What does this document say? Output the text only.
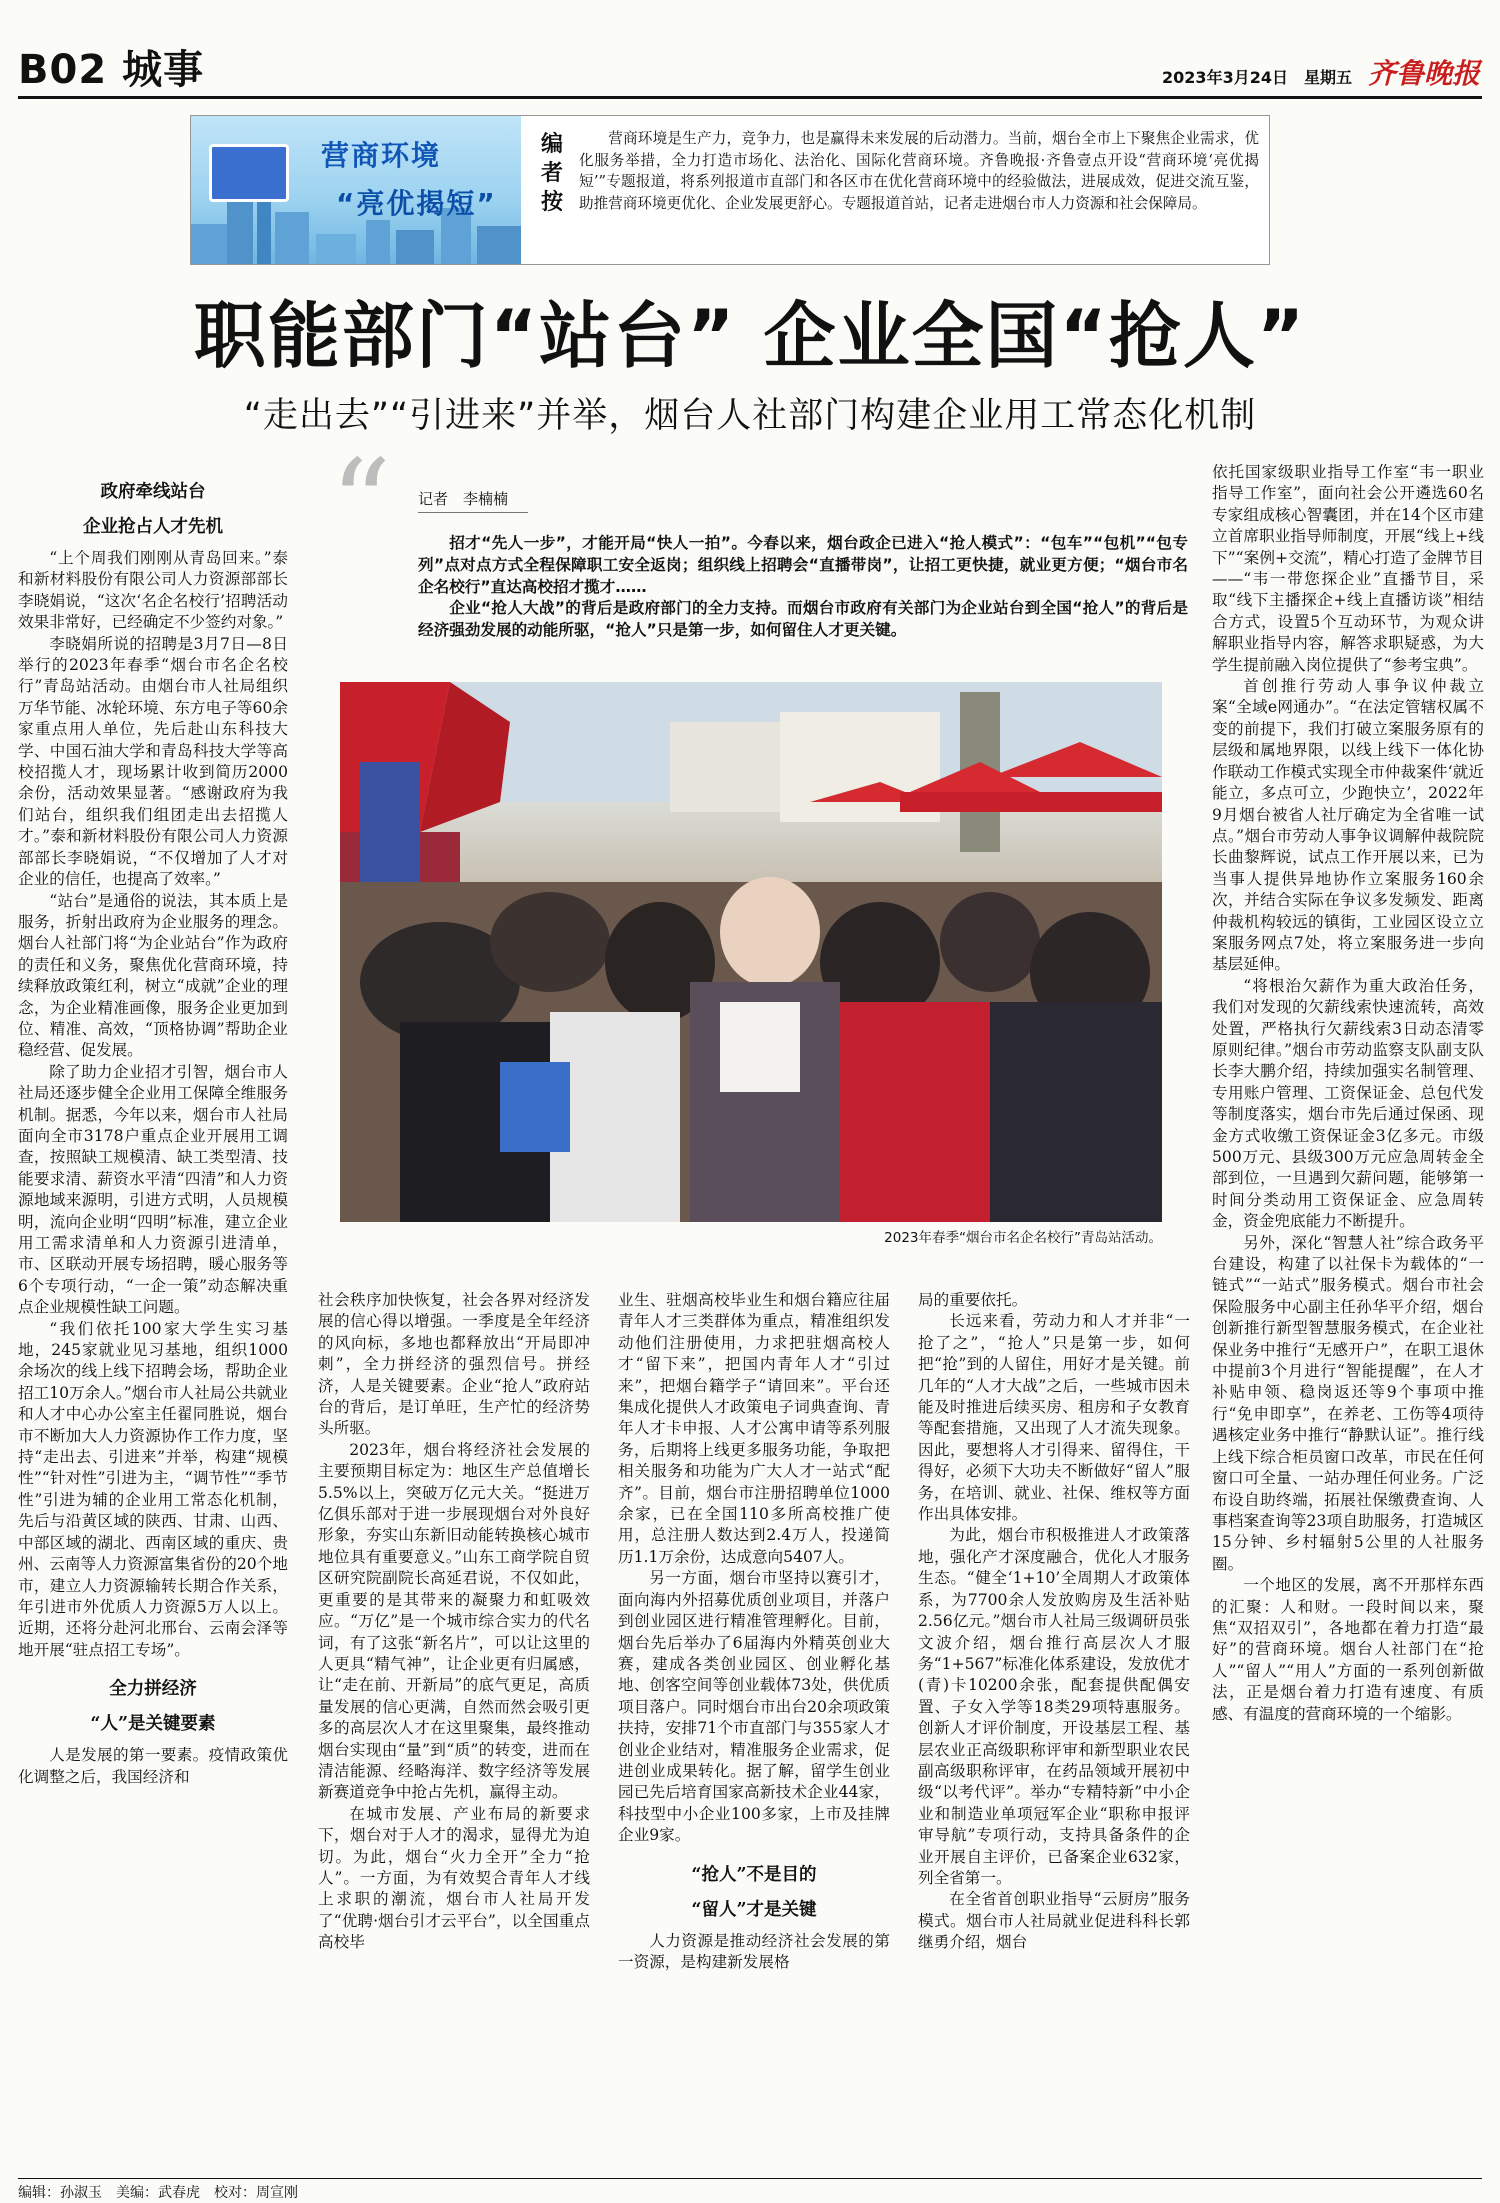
B02 城事	2023年3月24日 星期五 齐鲁晚报
营商环境
“亮优揭短”
编者按
营商环境是生产力，竞争力，也是赢得未来发展的后动潜力。当前，烟台全市上下聚焦企业需求，优化服务举措，全力打造市场化、法治化、国际化营商环境。齐鲁晚报·齐鲁壹点开设“营商环境‘亮优揭短’”专题报道，将系列报道市直部门和各区市在优化营商环境中的经验做法，进展成效，促进交流互鉴，助推营商环境更优化、企业发展更舒心。专题报道首站，记者走进烟台市人力资源和社会保障局。
职能部门“站台” 企业全国“抢人”
“走出去”“引进来”并举，烟台人社部门构建企业用工常态化机制
政府牵线站台
企业抢占人才先机

“上个周我们刚刚从青岛回来。”泰和新材料股份有限公司人力资源部部长李晓娟说，“这次‘名企名校行’招聘活动效果非常好，已经确定不少签约对象。”

李晓娟所说的招聘是3月7日—8日举行的2023年春季“烟台市名企名校行”青岛站活动。由烟台市人社局组织万华节能、冰轮环境、东方电子等60余家重点用人单位，先后赴山东科技大学、中国石油大学和青岛科技大学等高校招揽人才，现场累计收到简历2000余份，活动效果显著。“感谢政府为我们站台，组织我们组团走出去招揽人才。”泰和新材料股份有限公司人力资源部部长李晓娟说，“不仅增加了人才对企业的信任，也提高了效率。”

“站台”是通俗的说法，其本质上是服务，折射出政府为企业服务的理念。烟台人社部门将“为企业站台”作为政府的责任和义务，聚焦优化营商环境，持续释放政策红利，树立“成就”企业的理念，为企业精准画像，服务企业更加到位、精准、高效，“顶格协调”帮助企业稳经营、促发展。

除了助力企业招才引智，烟台市人社局还逐步健全企业用工保障全维服务机制。据悉，今年以来，烟台市人社局面向全市3178户重点企业开展用工调查，按照缺工规模清、缺工类型清、技能要求清、薪资水平清“四清”和人力资源地域来源明，引进方式明，人员规模明，流向企业明“四明”标准，建立企业用工需求清单和人力资源引进清单，市、区联动开展专场招聘，暖心服务等6个专项行动，“一企一策”动态解决重点企业规模性缺工问题。

“我们依托100家大学生实习基地，245家就业见习基地，组织1000余场次的线上线下招聘会场，帮助企业招工10万余人。”烟台市人社局公共就业和人才中心办公室主任翟同胜说，烟台市不断加大人力资源协作工作力度，坚持“走出去、引进来”并举，构建“规模性”“针对性”引进为主，“调节性”“季节性”引进为辅的企业用工常态化机制，先后与沿黄区域的陕西、甘肃、山西、中部区域的湖北、西南区域的重庆、贵州、云南等人力资源富集省份的20个地市，建立人力资源输转长期合作关系，年引进市外优质人力资源5万人以上。近期，还将分赴河北邢台、云南会泽等地开展“驻点招工专场”。

全力拼经济
“人”是关键要素

人是发展的第一要素。疫情政策优化调整之后，我国经济和

“ 记者　李楠楠

招才“先人一步”，才能开局“快人一拍”。今春以来，烟台政企已进入“抢人模式”：“包车”“包机”“包专列”点对点方式全程保障职工安全返岗；组织线上招聘会“直播带岗”，让招工更快捷，就业更方便；“烟台市名企名校行”直达高校招才揽才……

企业“抢人大战”的背后是政府部门的全力支持。而烟台市政府有关部门为企业站台到全国“抢人”的背后是经济强劲发展的动能所驱，“抢人”只是第一步，如何留住人才更关键。

2023年春季“烟台市名企名校行”青岛站活动。

社会秩序加快恢复，社会各界对经济发展的信心得以增强。一季度是全年经济的风向标，多地也都释放出“开局即冲刺”，全力拼经济的强烈信号。拼经济，人是关键要素。企业“抢人”政府站台的背后，是订单旺，生产忙的经济势头所驱。

2023年，烟台将经济社会发展的主要预期目标定为：地区生产总值增长5.5%以上，突破万亿元大关。“挺进万亿俱乐部对于进一步展现烟台对外良好形象，夯实山东新旧动能转换核心城市地位具有重要意义。”山东工商学院自贸区研究院副院长高延君说，不仅如此，更重要的是其带来的凝聚力和虹吸效应。“万亿”是一个城市综合实力的代名词，有了这张“新名片”，可以让这里的人更具“精气神”，让企业更有归属感，让“走在前、开新局”的底气更足，高质量发展的信心更满，自然而然会吸引更多的高层次人才在这里聚集，最终推动烟台实现由“量”到“质”的转变，进而在清洁能源、经略海洋、数字经济等发展新赛道竞争中抢占先机，赢得主动。

在城市发展、产业布局的新要求下，烟台对于人才的渴求，显得尤为迫切。为此，烟台“火力全开”全力“抢人”。一方面，为有效契合青年人才线上求职的潮流，烟台市人社局开发了“优聘·烟台引才云平台”，以全国重点高校毕

业生、驻烟高校毕业生和烟台籍应往届青年人才三类群体为重点，精准组织发动他们注册使用，力求把驻烟高校人才“留下来”，把国内青年人才“引过来”，把烟台籍学子“请回来”。平台还集成化提供人才政策电子词典查询、青年人才卡申报、人才公寓申请等系列服务，后期将上线更多服务功能，争取把相关服务和功能为广大人才一站式“配齐”。目前，烟台市注册招聘单位1000余家，已在全国110多所高校推广使用，总注册人数达到2.4万人，投递简历1.1万余份，达成意向5407人。

另一方面，烟台市坚持以赛引才，面向海内外招募优质创业项目，并落户到创业园区进行精准管理孵化。目前，烟台先后举办了6届海内外精英创业大赛，建成各类创业园区、创业孵化基地、创客空间等创业载体73处，供优质项目落户。同时烟台市出台20余项政策扶持，安排71个市直部门与355家人才创业企业结对，精准服务企业需求，促进创业成果转化。据了解，留学生创业园已先后培育国家高新技术企业44家，科技型中小企业100多家，上市及挂牌企业9家。

“抢人”不是目的
“留人”才是关键

人力资源是推动经济社会发展的第一资源，是构建新发展格

局的重要依托。

长远来看，劳动力和人才并非“一抢了之”，“抢人”只是第一步，如何把“抢”到的人留住，用好才是关键。前几年的“人才大战”之后，一些城市因未能及时推进后续买房、租房和子女教育等配套措施，又出现了人才流失现象。因此，要想将人才引得来、留得住，干得好，必须下大功夫不断做好“留人”服务，在培训、就业、社保、维权等方面作出具体安排。

为此，烟台市积极推进人才政策落地，强化产才深度融合，优化人才服务生态。“健全‘1+10’全周期人才政策体系，为7700余人发放购房及生活补贴2.56亿元。”烟台市人社局三级调研员张文波介绍，烟台推行高层次人才服务“1+567”标准化体系建设，发放优才(青)卡10200余张，配套提供配偶安置、子女入学等18类29项特惠服务。创新人才评价制度，开设基层工程、基层农业正高级职称评审和新型职业农民副高级职称评审，在药品领域开展初中级“以考代评”。举办“专精特新”中小企业和制造业单项冠军企业“职称申报评审导航”专项行动，支持具备条件的企业开展自主评价，已备案企业632家，列全省第一。

在全省首创职业指导“云厨房”服务模式。烟台市人社局就业促进科科长郭继勇介绍，烟台

依托国家级职业指导工作室“韦一职业指导工作室”，面向社会公开遴选60名专家组成核心智囊团，并在14个区市建立首席职业指导师制度，开展“线上+线下”“案例+交流”，精心打造了金牌节目——“韦一带您探企业”直播节目，采取“线下主播探企+线上直播访谈”相结合方式，设置5个互动环节，为观众讲解职业指导内容，解答求职疑惑，为大学生提前融入岗位提供了“参考宝典”。

首创推行劳动人事争议仲裁立案“全域e网通办”。“在法定管辖权属不变的前提下，我们打破立案服务原有的层级和属地界限，以线上线下一体化协作联动工作模式实现全市仲裁案件‘就近能立，多点可立，少跑快立’，2022年9月烟台被省人社厅确定为全省唯一试点。”烟台市劳动人事争议调解仲裁院院长曲黎辉说，试点工作开展以来，已为当事人提供异地协作立案服务160余次，并结合实际在争议多发频发、距离仲裁机构较远的镇街，工业园区设立立案服务网点7处，将立案服务进一步向基层延伸。

“将根治欠薪作为重大政治任务，我们对发现的欠薪线索快速流转，高效处置，严格执行欠薪线索3日动态清零原则纪律。”烟台市劳动监察支队副支队长李大鹏介绍，持续加强实名制管理、专用账户管理、工资保证金、总包代发等制度落实，烟台市先后通过保函、现金方式收缴工资保证金3亿多元。市级500万元、县级300万元应急周转金全部到位，一旦遇到欠薪问题，能够第一时间分类动用工资保证金、应急周转金，资金兜底能力不断提升。

另外，深化“智慧人社”综合政务平台建设，构建了以社保卡为载体的“一链式”“一站式”服务模式。烟台市社会保险服务中心副主任孙华平介绍，烟台创新推行新型智慧服务模式，在企业社保业务中推行“无感开户”，在职工退休中提前3个月进行“智能提醒”，在人才补贴申领、稳岗返还等9个事项中推行“免申即享”，在养老、工伤等4项待遇核定业务中推行“静默认证”。推行线上线下综合柜员窗口改革，市民在任何窗口可全量、一站办理任何业务。广泛布设自助终端，拓展社保缴费查询、人事档案查询等23项自助服务，打造城区15分钟、乡村辐射5公里的人社服务圈。

一个地区的发展，离不开那样东西的汇聚：人和财。一段时间以来，聚焦“双招双引”，各地都在着力打造“最好”的营商环境。烟台人社部门在“抢人”“留人”“用人”方面的一系列创新做法，正是烟台着力打造有速度、有质感、有温度的营商环境的一个缩影。

编辑：孙淑玉　美编：武春虎　校对：周宣刚
